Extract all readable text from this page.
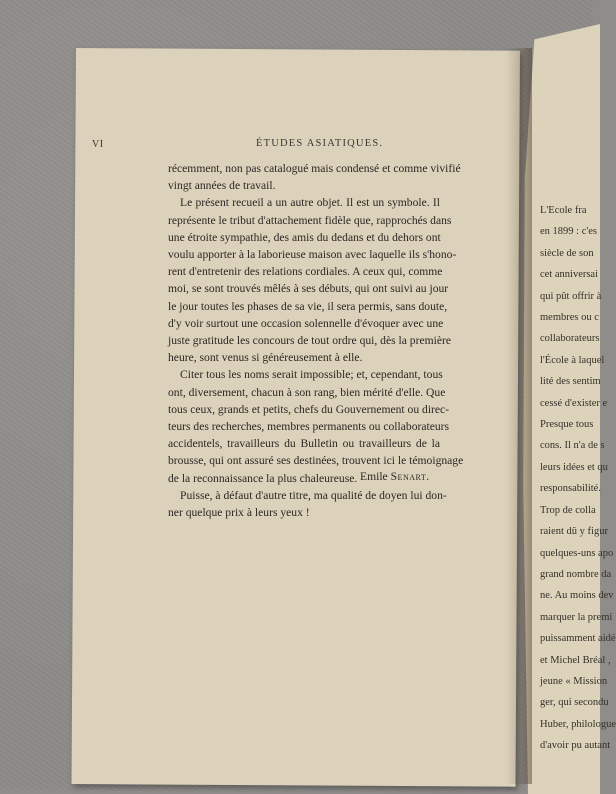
VI	ÉTUDES ASIATIQUES.
récemment, non pas catalogué mais condensé et comme vivifié
vingt années de travail.
Le présent recueil a un autre objet. Il est un symbole. Il
représente le tribut d'attachement fidèle que, rapprochés dans
une étroite sympathie, des amis du dedans et du dehors ont
voulu apporter à la laborieuse maison avec laquelle ils s'hono-
rent d'entretenir des relations cordiales. A ceux qui, comme
moi, se sont trouvés mêlés à ses débuts, qui ont suivi au jour
le jour toutes les phases de sa vie, il sera permis, sans doute,
d'y voir surtout une occasion solennelle d'évoquer avec une
juste gratitude les concours de tout ordre qui, dès la première
heure, sont venus si généreusement à elle.
Citer tous les noms serait impossible; et, cependant, tous
ont, diversement, chacun à son rang, bien mérité d'elle. Que
tous ceux, grands et petits, chefs du Gouvernement ou direc-
teurs des recherches, membres permanents ou collaborateurs
accidentels, travailleurs du Bulletin ou travailleurs de la
brousse, qui ont assuré ses destinées, trouvent ici le témoignage
de la reconnaissance la plus chaleureuse.
Puisse, à défaut d'autre titre, ma qualité de doyen lui don-
ner quelque prix à leurs yeux !
Emile Senart.
L'Ecole fra
en 1899 : c'es
siècle de son
cet anniversai
qui pût offrir à
membres ou c
collaborateurs
l'École à laquel
lité des sentim
cessé d'exister e
Presque tous
cons. Il n'a de s
leurs idées et qu
responsabilité.
Trop de colla
raient dû y figur
quelques-uns apo
grand nombre da
ne. Au moins dev
marquer la premi
puissamment aidé
et Michel Bréal ,
jeune « Mission
ger, qui secondu
Huber, philologue
d'avoir pu autant
